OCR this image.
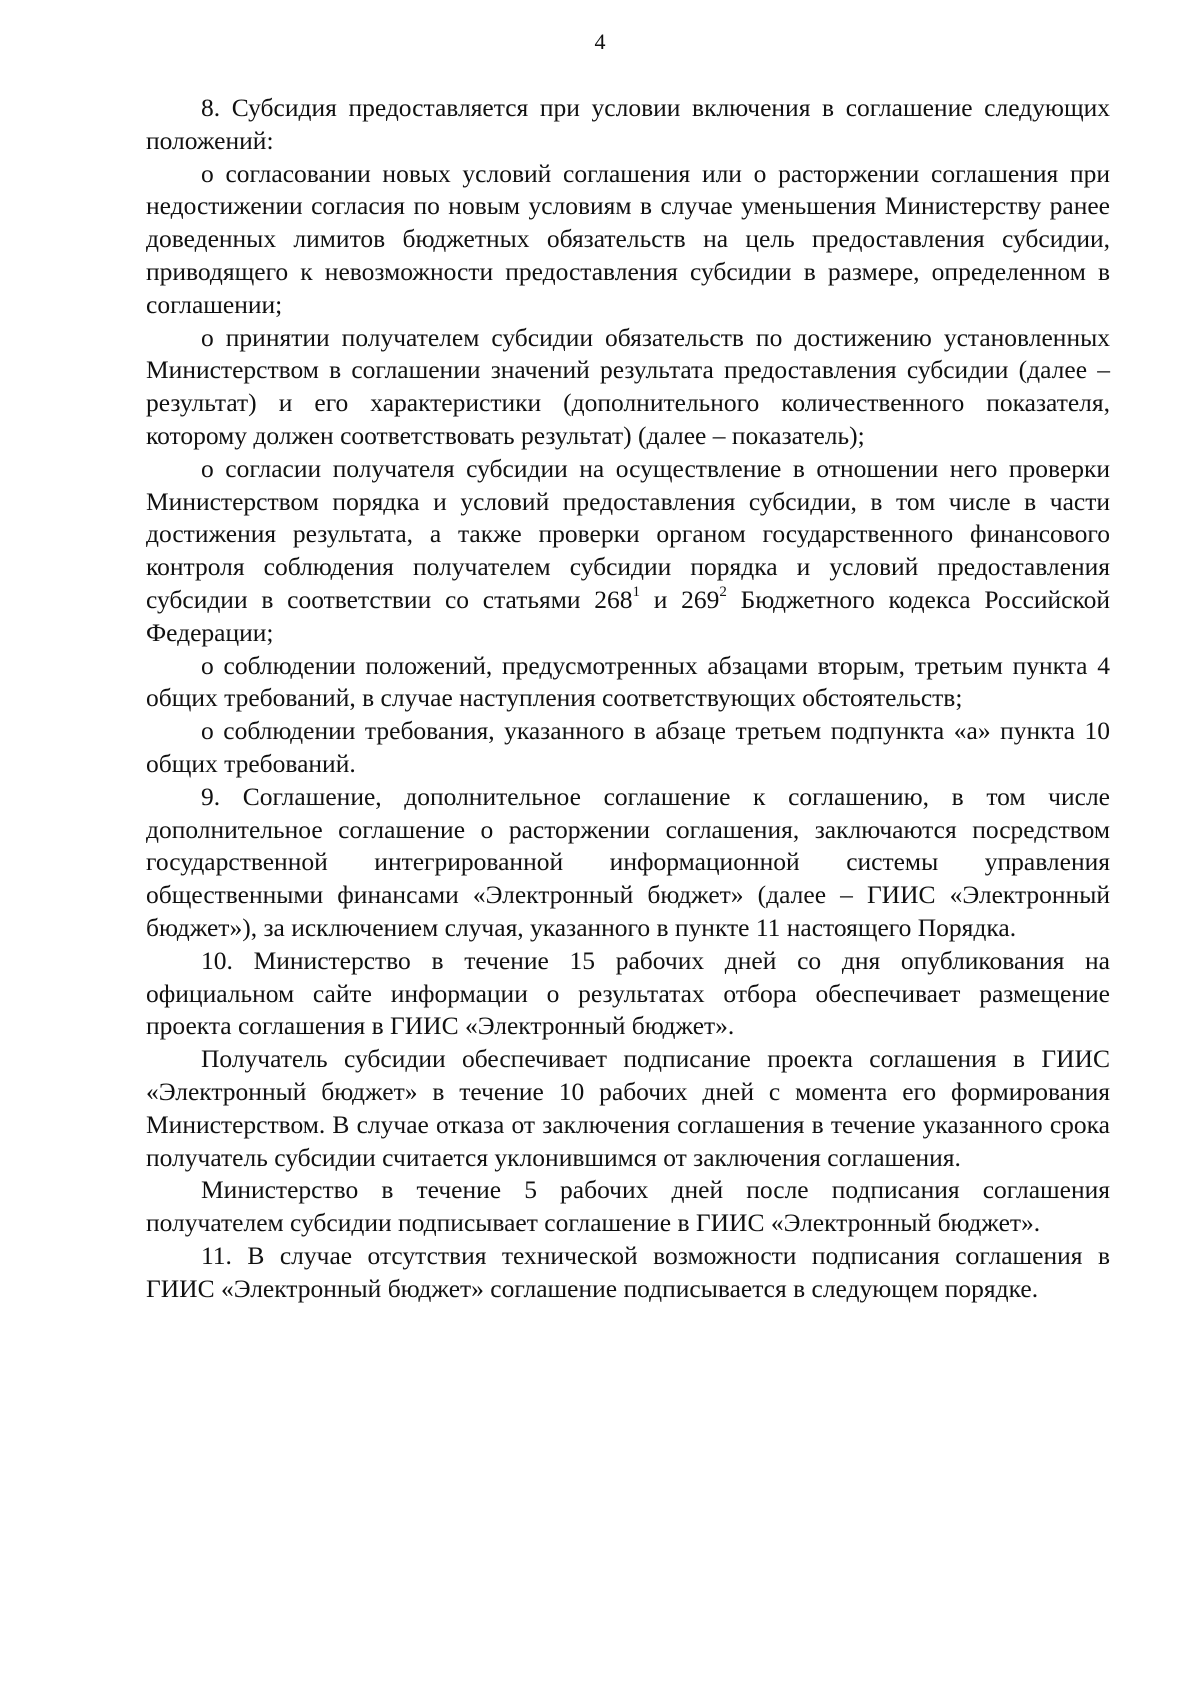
4

8. Субсидия предоставляется при условии включения в соглашение следующих положений:

о согласовании новых условий соглашения или о расторжении соглашения при недостижении согласия по новым условиям в случае уменьшения Министерству ранее доведенных лимитов бюджетных обязательств на цель предоставления субсидии, приводящего к невозможности предоставления субсидии в размере, определенном в соглашении;

о принятии получателем субсидии обязательств по достижению установленных Министерством в соглашении значений результата предоставления субсидии (далее – результат) и его характеристики (дополнительного количественного показателя, которому должен соответствовать результат) (далее – показатель);

о согласии получателя субсидии на осуществление в отношении него проверки Министерством порядка и условий предоставления субсидии, в том числе в части достижения результата, а также проверки органом государственного финансового контроля соблюдения получателем субсидии порядка и условий предоставления субсидии в соответствии со статьями $268^1$ и $269^2$ Бюджетного кодекса Российской Федерации;

о соблюдении положений, предусмотренных абзацами вторым, третьим пункта 4 общих требований, в случае наступления соответствующих обстоятельств;

о соблюдении требования, указанного в абзаце третьем подпункта «а» пункта 10 общих требований.

9. Соглашение, дополнительное соглашение к соглашению, в том числе дополнительное соглашение о расторжении соглашения, заключаются посредством государственной интегрированной информационной системы управления общественными финансами «Электронный бюджет» (далее – ГИИС «Электронный бюджет»), за исключением случая, указанного в пункте 11 настоящего Порядка.

10. Министерство в течение 15 рабочих дней со дня опубликования на официальном сайте информации о результатах отбора обеспечивает размещение проекта соглашения в ГИИС «Электронный бюджет».

Получатель субсидии обеспечивает подписание проекта соглашения в ГИИС «Электронный бюджет» в течение 10 рабочих дней с момента его формирования Министерством. В случае отказа от заключения соглашения в течение указанного срока получатель субсидии считается уклонившимся от заключения соглашения.

Министерство в течение 5 рабочих дней после подписания соглашения получателем субсидии подписывает соглашение в ГИИС «Электронный бюджет».

11. В случае отсутствия технической возможности подписания соглашения в ГИИС «Электронный бюджет» соглашение подписывается в следующем порядке.
